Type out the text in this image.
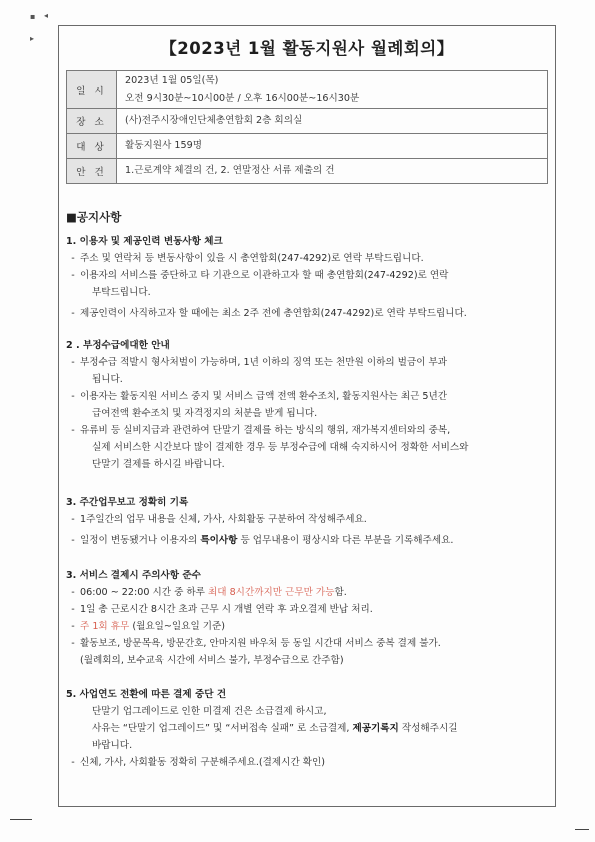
▪ ◂
▸
【2023년 1월 활동지원사 월례회의】
일 시	2023년 1월 05일(목)
오전 9시30분~10시00분 / 오후 16시00분~16시30분

장 소	(사)전주시장애인단체총연합회 2층 회의실
대 상	활동지원사 159명
안 건	1.근로계약 체결의 건, 2. 연말정산 서류 제출의 건
■공지사항
1. 이용자 및 제공인력 변동사항 체크
- 주소 및 연락처 등 변동사항이 있을 시 총연합회(247-4292)로 연락 부탁드립니다.
- 이용자의 서비스를 중단하고 타 기관으로 이관하고자 할 때 총연합회(247-4292)로 연락
부탁드립니다.
- 제공인력이 사직하고자 할 때에는 최소 2주 전에 총연합회(247-4292)로 연락 부탁드립니다.
2 . 부정수급에대한 안내
- 부정수급 적발시 형사처벌이 가능하며, 1년 이하의 징역 또는 천만원 이하의 벌금이 부과
됩니다.
- 이용자는 활동지원 서비스 중지 및 서비스 급액 전액 환수조치, 활동지원사는 최근 5년간
급여전액 환수조치 및 자격정지의 처분을 받게 됩니다.
- 유류비 등 실비지급과 관련하여 단말기 결제를 하는 방식의 행위, 재가복지센터와의 중복,
실제 서비스한 시간보다 많이 결제한 경우 등 부정수급에 대해 숙지하시어 정확한 서비스와
단말기 결제를 하시길 바랍니다.
3. 주간업무보고 정확히 기록
- 1주일간의 업무 내용을 신체, 가사, 사회활동 구분하여 작성해주세요.
- 일정이 변동됐거나 이용자의 특이사항 등 업무내용이 평상시와 다른 부분을 기록해주세요.
3. 서비스 결제시 주의사항 준수
- 06:00 ~ 22:00 시간 중 하루 최대 8시간까지만 근무만 가능함.
- 1일 총 근로시간 8시간 초과 근무 시 개별 연락 후 과오결제 반납 처리.
- 주 1회 휴무 (월요일~일요일 기준)
- 활동보조, 방문목욕, 방문간호, 안마지원 바우처 등 동일 시간대 서비스 중복 결제 불가.
(월례회의, 보수교육 시간에 서비스 불가, 부정수급으로 간주함)
5. 사업연도 전환에 따른 결제 중단 건
단말기 업그레이드로 인한 미결제 건은 소급결제 하시고,
사유는 “단말기 업그레이드” 및 “서버접속 실패” 로 소급결제, 제공기록지 작성해주시길
바랍니다.
- 신체, 가사, 사회활동 정확히 구분해주세요.(결제시간 확인)
